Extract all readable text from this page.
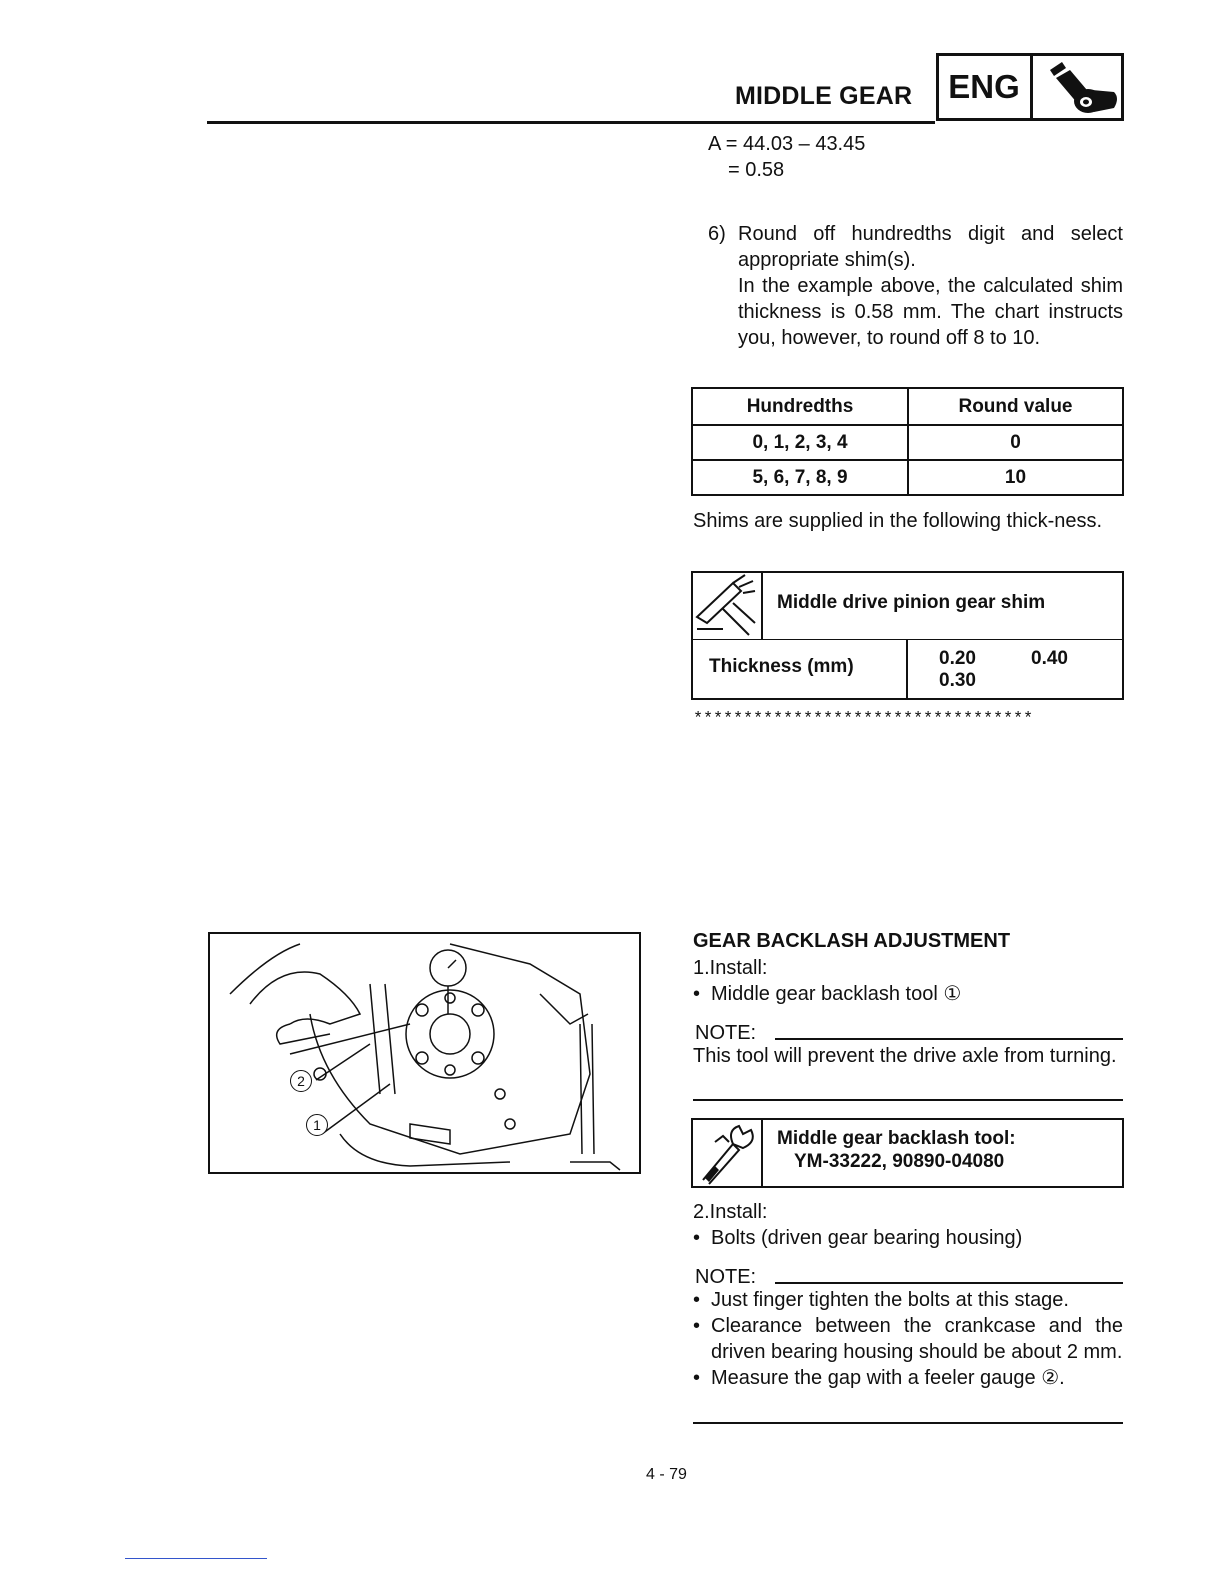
MIDDLE GEAR	ENG
A = 44.03 – 43.45
= 0.58
6) Round off hundredths digit and select appropriate shim(s).
In the example above, the calculated shim thickness is 0.58 mm. The chart instructs you, however, to round off 8 to 10.
Hundredths	Round value
0, 1, 2, 3, 4	0
5, 6, 7, 8, 9	10
Shims are supplied in the following thick-ness.
Middle drive pinion gear shim
Thickness (mm)	0.20	0.40
0.30
**********************************
GEAR BACKLASH ADJUSTMENT
1.Install:
• Middle gear backlash tool ①
NOTE:
This tool will prevent the drive axle from turning.
Middle gear backlash tool:
YM-33222, 90890-04080
2.Install:
• Bolts (driven gear bearing housing)
NOTE:
•
Just finger tighten the bolts at this stage.
•
Clearance between the crankcase and the driven bearing housing should be about 2 mm.
•
Measure the gap with a feeler gauge ②.
2
1
4 - 79
